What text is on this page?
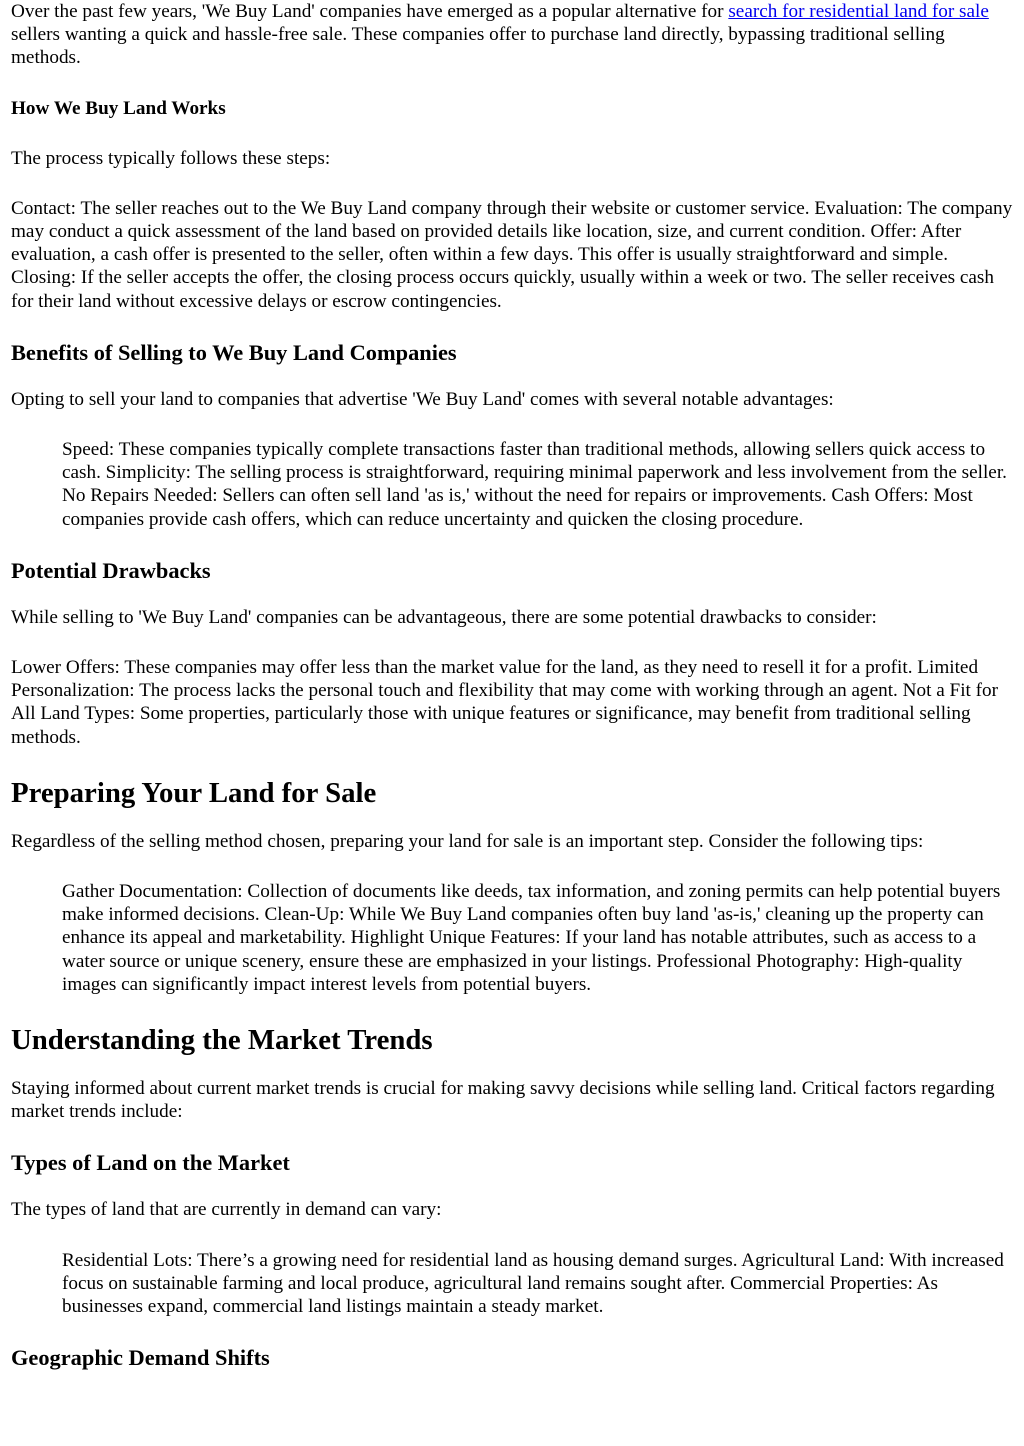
Over the past few years, 'We Buy Land' companies have emerged as a popular alternative for search for residential land for sale sellers wanting a quick and hassle-free sale. These companies offer to purchase land directly, bypassing traditional selling methods.

How We Buy Land Works

The process typically follows these steps:

Contact: The seller reaches out to the We Buy Land company through their website or customer service. Evaluation: The company may conduct a quick assessment of the land based on provided details like location, size, and current condition. Offer: After evaluation, a cash offer is presented to the seller, often within a few days. This offer is usually straightforward and simple. Closing: If the seller accepts the offer, the closing process occurs quickly, usually within a week or two. The seller receives cash for their land without excessive delays or escrow contingencies.

Benefits of Selling to We Buy Land Companies

Opting to sell your land to companies that advertise 'We Buy Land' comes with several notable advantages:

Speed: These companies typically complete transactions faster than traditional methods, allowing sellers quick access to cash. Simplicity: The selling process is straightforward, requiring minimal paperwork and less involvement from the seller. No Repairs Needed: Sellers can often sell land 'as is,' without the need for repairs or improvements. Cash Offers: Most companies provide cash offers, which can reduce uncertainty and quicken the closing procedure.
Potential Drawbacks

While selling to 'We Buy Land' companies can be advantageous, there are some potential drawbacks to consider:

Lower Offers: These companies may offer less than the market value for the land, as they need to resell it for a profit. Limited Personalization: The process lacks the personal touch and flexibility that may come with working through an agent. Not a Fit for All Land Types: Some properties, particularly those with unique features or significance, may benefit from traditional selling methods.

Preparing Your Land for Sale

Regardless of the selling method chosen, preparing your land for sale is an important step. Consider the following tips:

Gather Documentation: Collection of documents like deeds, tax information, and zoning permits can help potential buyers make informed decisions. Clean-Up: While We Buy Land companies often buy land 'as-is,' cleaning up the property can enhance its appeal and marketability. Highlight Unique Features: If your land has notable attributes, such as access to a water source or unique scenery, ensure these are emphasized in your listings. Professional Photography: High-quality images can significantly impact interest levels from potential buyers.
Understanding the Market Trends

Staying informed about current market trends is crucial for making savvy decisions while selling land. Critical factors regarding market trends include:

Types of Land on the Market

The types of land that are currently in demand can vary:

Residential Lots: There’s a growing need for residential land as housing demand surges. Agricultural Land: With increased focus on sustainable farming and local produce, agricultural land remains sought after. Commercial Properties: As businesses expand, commercial land listings maintain a steady market.
Geographic Demand Shifts
